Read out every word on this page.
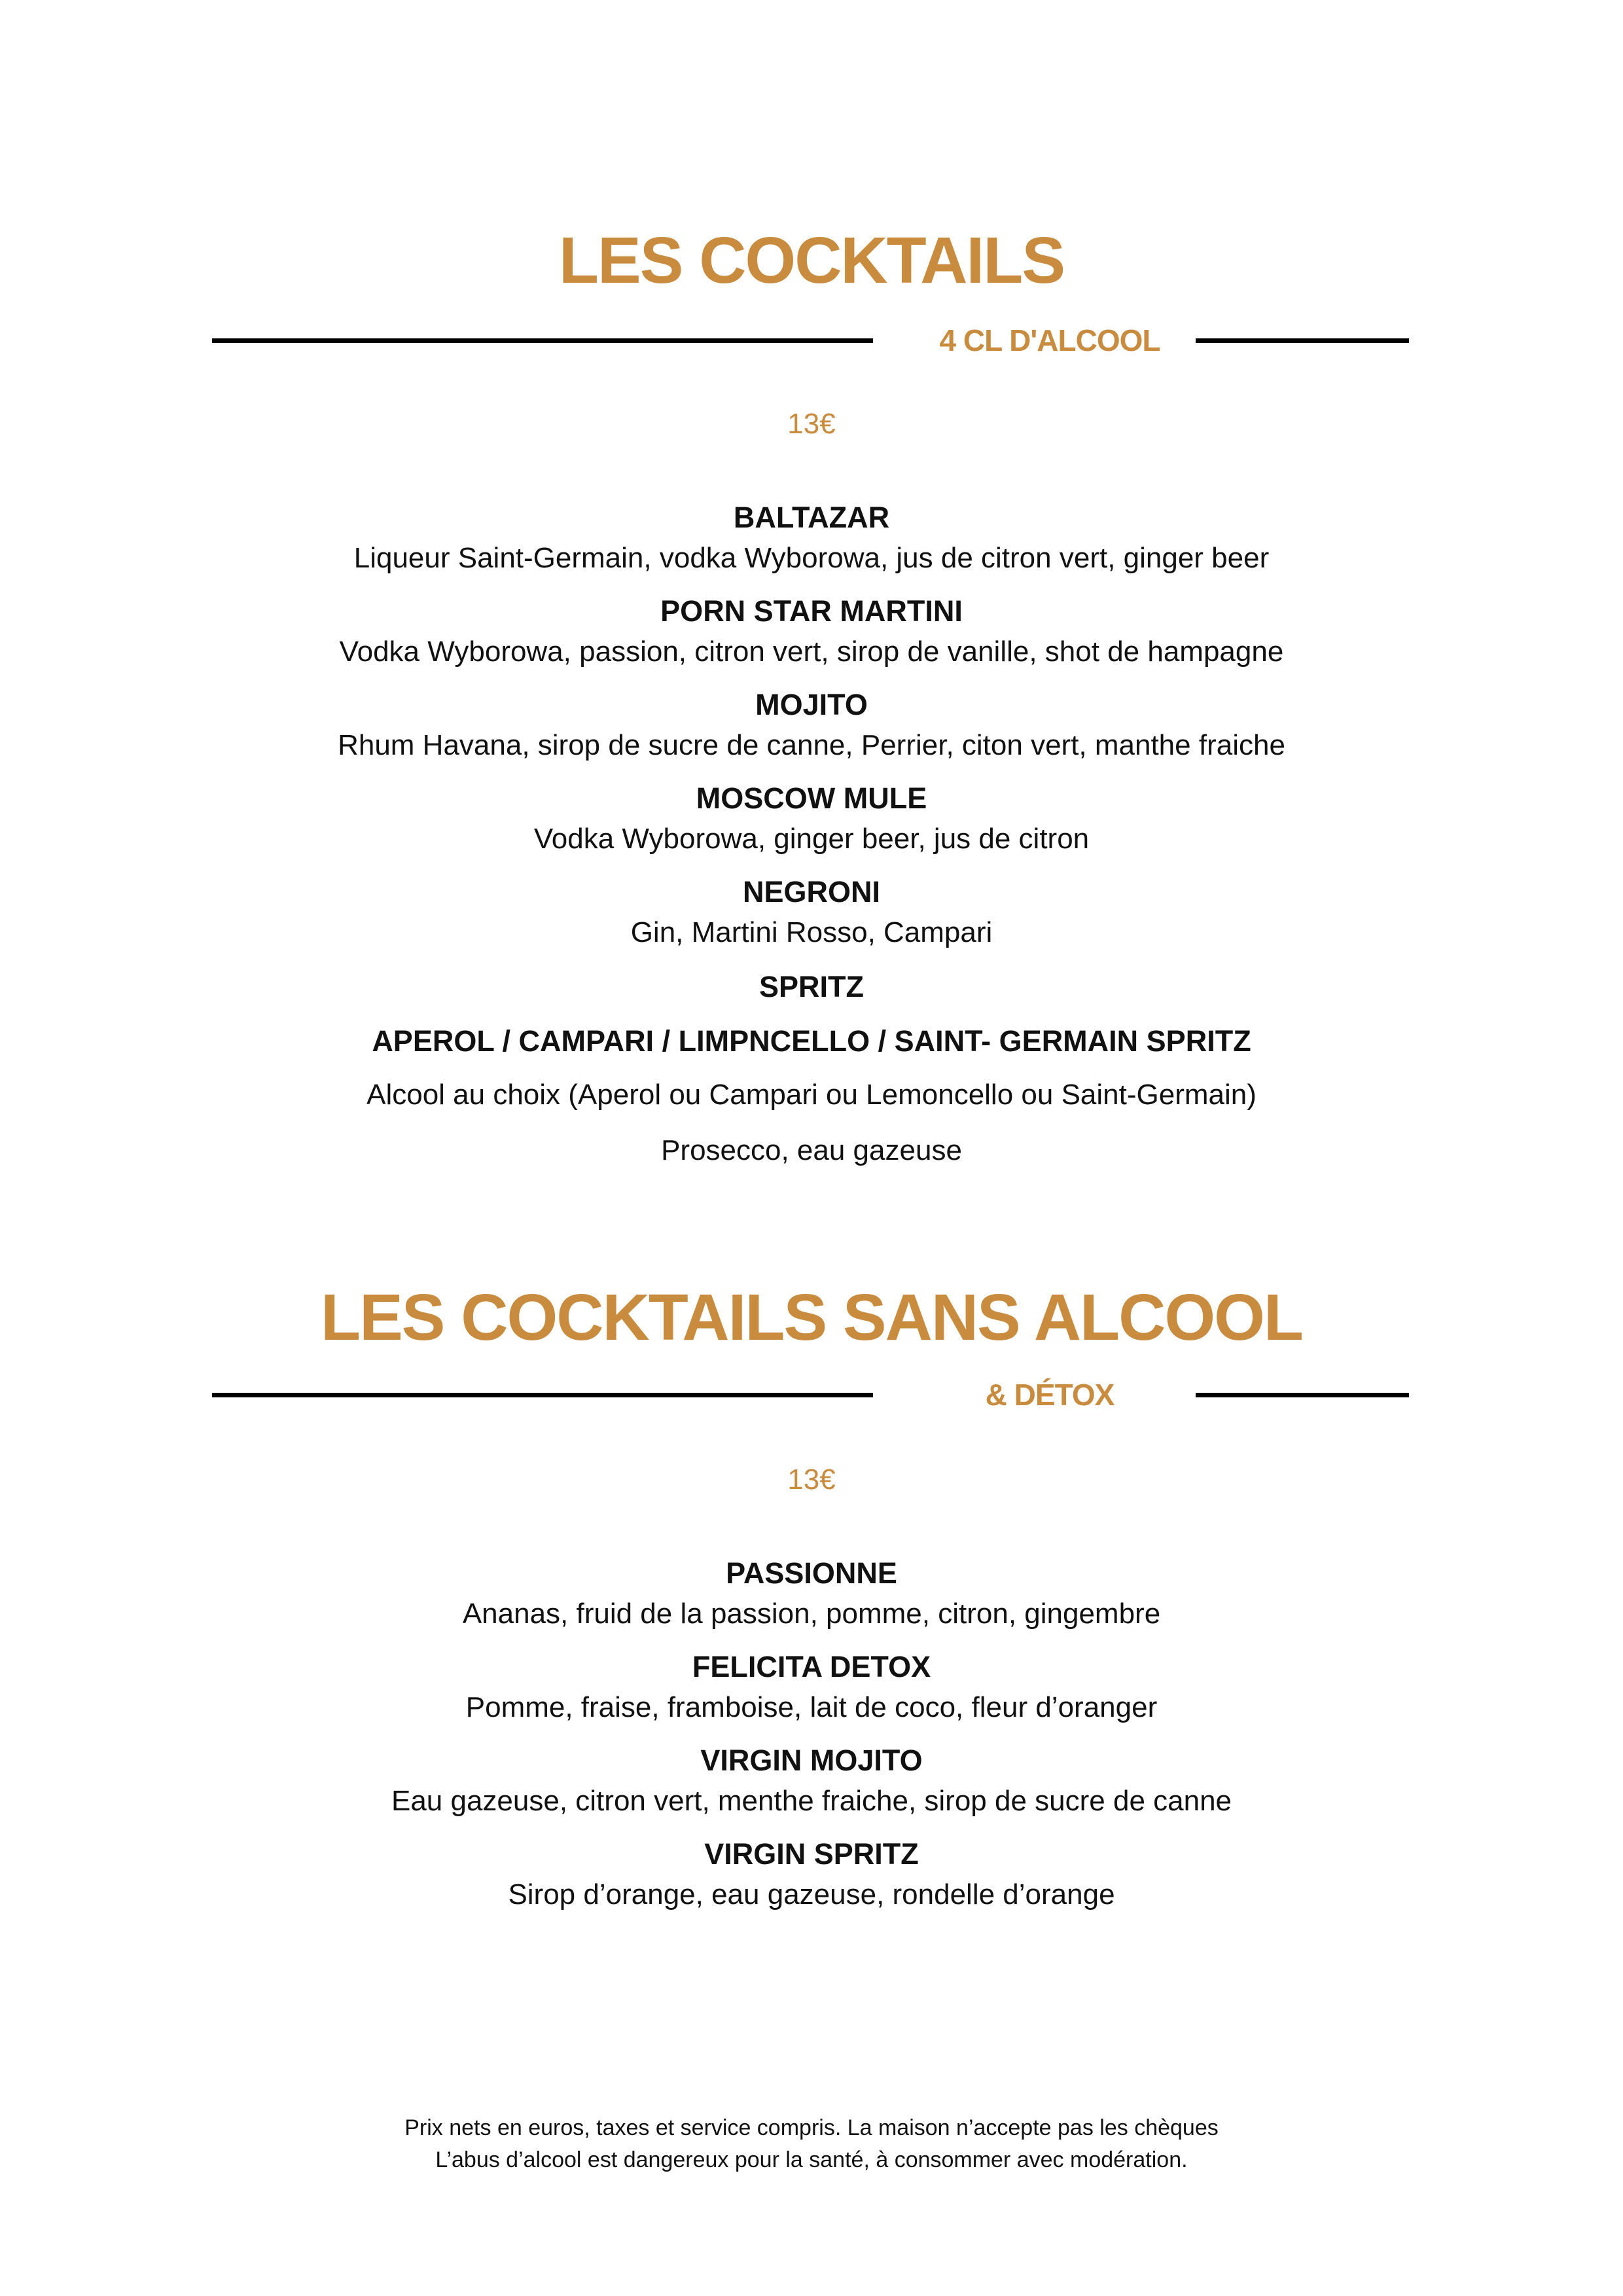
LES COCKTAILS
4 CL D'ALCOOL
13€
BALTAZAR
Liqueur Saint-Germain, vodka Wyborowa, jus de citron vert, ginger beer
PORN STAR MARTINI
Vodka Wyborowa, passion, citron vert, sirop de vanille, shot de hampagne
MOJITO
Rhum Havana, sirop de sucre de canne, Perrier, citon vert, manthe fraiche
MOSCOW MULE
Vodka Wyborowa, ginger beer, jus de citron
NEGRONI
Gin, Martini Rosso, Campari
SPRITZ
APEROL / CAMPARI / LIMPNCELLO / SAINT- GERMAIN SPRITZ
Alcool au choix (Aperol ou Campari ou Lemoncello ou Saint-Germain)
Prosecco, eau gazeuse
LES COCKTAILS SANS ALCOOL
& DÉTOX
13€
PASSIONNE
Ananas, fruid de la passion, pomme, citron, gingembre
FELICITA DETOX
Pomme, fraise, framboise, lait de coco, fleur d’oranger
VIRGIN MOJITO
Eau gazeuse, citron vert, menthe fraiche, sirop de sucre de canne
VIRGIN SPRITZ
Sirop d’orange, eau gazeuse, rondelle d’orange
Prix nets en euros, taxes et service compris. La maison n’accepte pas les chèques
L’abus d’alcool est dangereux pour la santé, à consommer avec modération.
